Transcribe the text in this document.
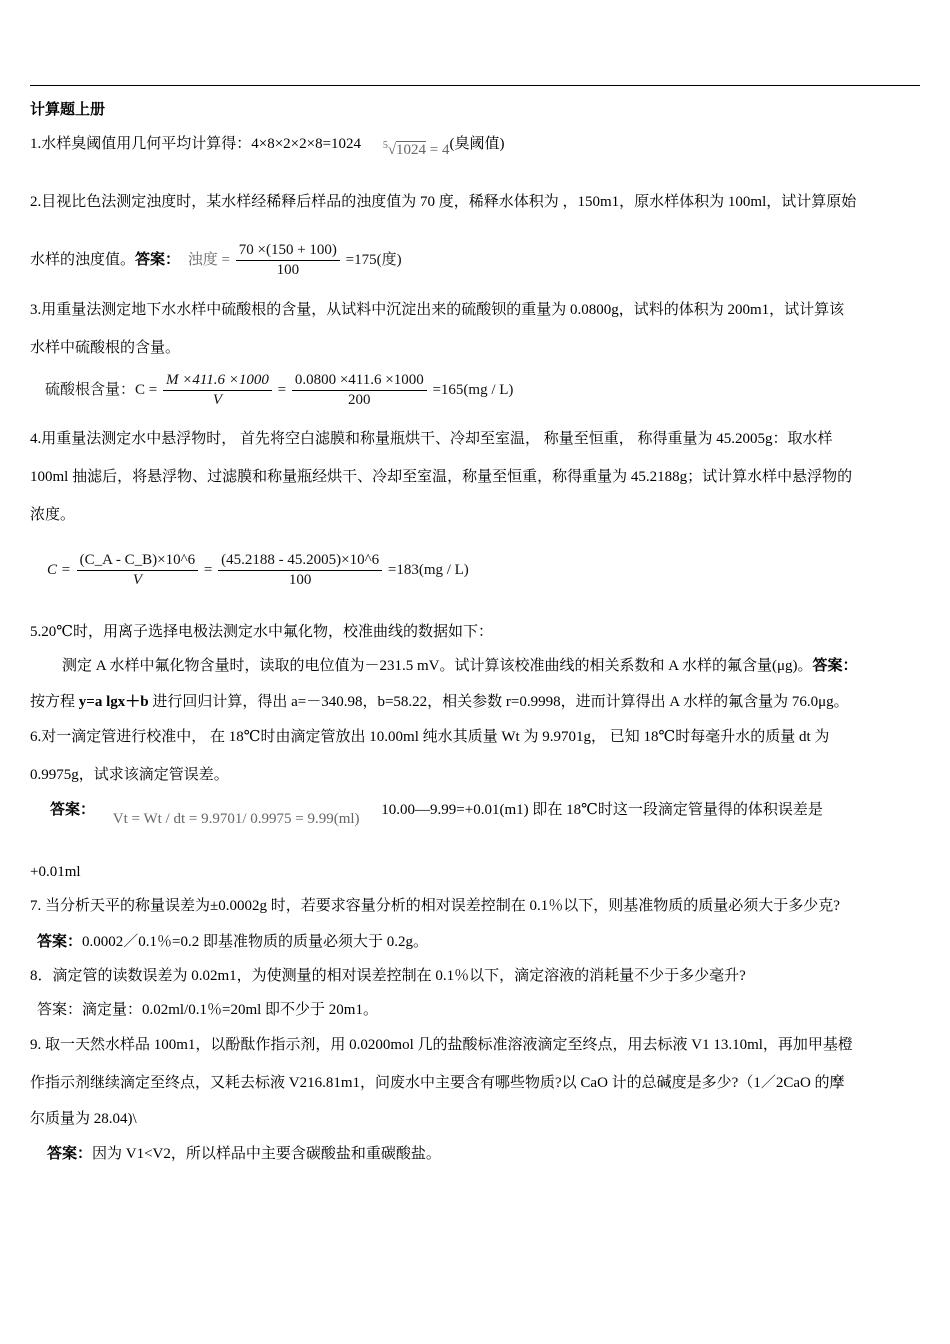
计算题上册
1.水样臭阈值用几何平均计算得：4×8×2×2×8=1024 $^5$√1024 = 4(臭阈值)
2.目视比色法测定浊度时，某水样经稀释后样品的浊度值为 70 度，稀释水体积为 ，150m1，原水样体积为 100ml，试计算原始
水样的浊度值。答案： 浊度 = $\frac{70 \times(150 + 100)}{100} =175$(度)
3.用重量法测定地下水水样中硫酸根的含量，从试料中沉淀出来的硫酸钡的重量为 0.0800g，试料的体积为 200m1，试计算该
水样中硫酸根的含量。
硫酸根含量：$C = \frac{M \times 411.6 \times 1000}{V} = \frac{0.0800 \times 411.6 \times 1000}{200} =165(mg / L)$
4.用重量法测定水中悬浮物时， 首先将空白滤膜和称量瓶烘干、冷却至室温， 称量至恒重， 称得重量为 45.2005g：取水样
100ml 抽滤后，将悬浮物、过滤膜和称量瓶经烘干、冷却至室温，称量至恒重，称得重量为 45.2188g；试计算水样中悬浮物的
浓度。
$C = \frac{(C\_A - C\_B)\times 10\^{}6}{V} = \frac{(45.2188 - 45.2005)\times 10\^{}6}{100} =183(mg / L)$
5.20℃时，用离子选择电极法测定水中氟化物，校准曲线的数据如下：
测定 A 水样中氟化物含量时，读取的电位值为－231.5 mV。试计算该校准曲线的相关系数和 A 水样的氟含量(μg)。答案：
按方程 y=a lgx＋b 进行回归计算，得出 a=－340.98，b=58.22，相关参数 r=0.9998，进而计算得出 A 水样的氟含量为 76.0μg。
6.对一滴定管进行校准中， 在 18℃时由滴定管放出 10.00ml 纯水其质量 Wt 为 9.9701g， 已知 18℃时每毫升水的质量 dt 为
0.9975g，试求该滴定管误差。
答案： Vt = Wt / dt = 9.9701/ 0.9975 = 9.99(ml) 10.00—9.99=+0.01(m1) 即在 18℃时这一段滴定管量得的体积误差是
+0.01ml
7. 当分析天平的称量误差为±0.0002g 时，若要求容量分析的相对误差控制在 0.1％以下，则基准物质的质量必须大于多少克?
答案：0.0002／0.1％=0.2 即基准物质的质量必须大于 0.2g。
8．滴定管的读数误差为 0.02m1，为使测量的相对误差控制在 0.1％以下，滴定溶液的消耗量不少于多少毫升?
答案：滴定量：0.02ml/0.1％=20ml 即不少于 20m1。
9. 取一天然水样品 100m1，以酚酞作指示剂，用 0.0200mol 几的盐酸标准溶液滴定至终点，用去标液 V1 13.10ml，再加甲基橙
作指示剂继续滴定至终点，又耗去标液 V216.81m1，问废水中主要含有哪些物质?以 CaO 计的总碱度是多少?（1／2CaO 的摩
尔质量为 28.04)\
答案：因为 V1<V2，所以样品中主要含碳酸盐和重碳酸盐。
